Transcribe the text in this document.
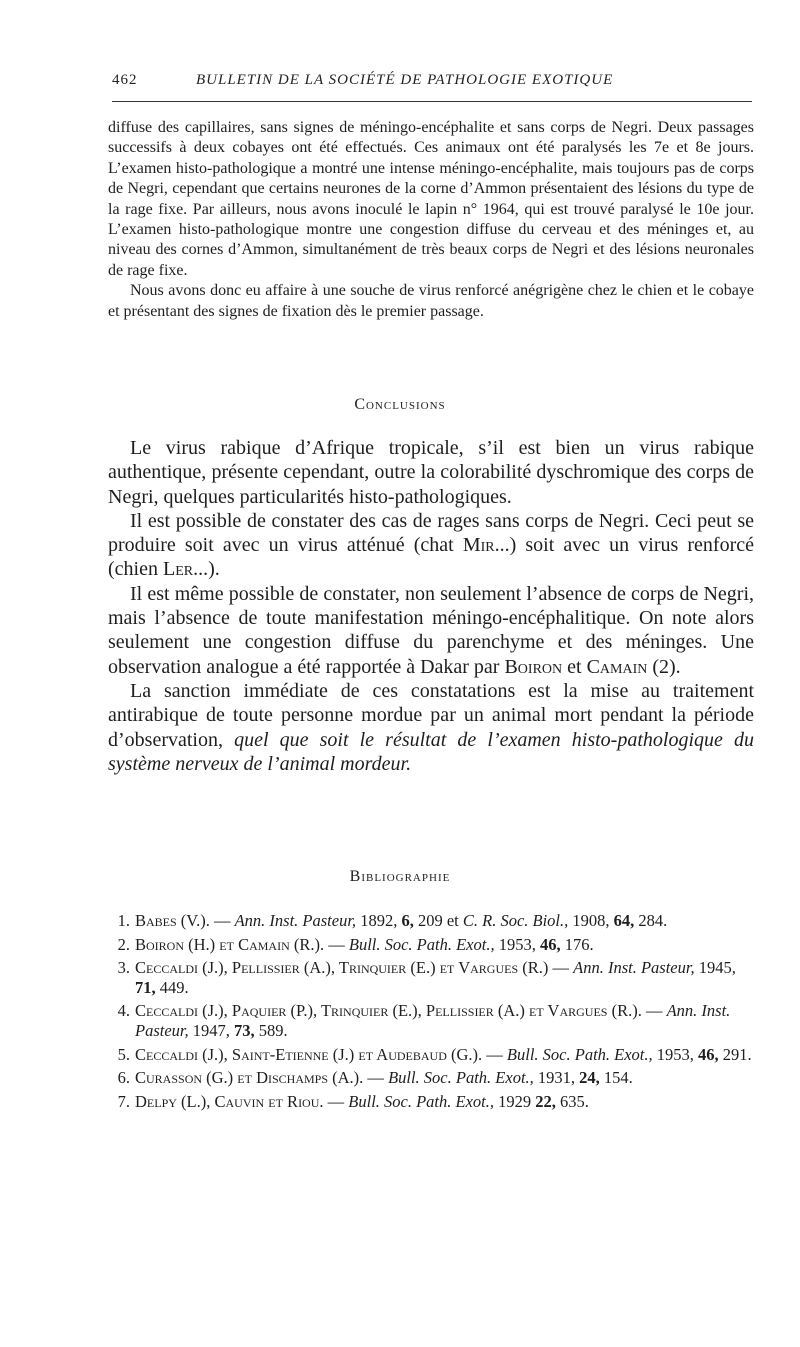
462	BULLETIN DE LA SOCIÉTÉ DE PATHOLOGIE EXOTIQUE

diffuse des capillaires, sans signes de méningo-encéphalite et sans corps de Negri. Deux passages successifs à deux cobayes ont été effectués. Ces animaux ont été paralysés les 7e et 8e jours. L’examen histo-pathologique a montré une intense méningo-encéphalite, mais toujours pas de corps de Negri, cependant que certains neurones de la corne d’Ammon présentaient des lésions du type de la rage fixe. Par ailleurs, nous avons inoculé le lapin n° 1964, qui est trouvé paralysé le 10e jour. L’examen histo-pathologique montre une congestion diffuse du cerveau et des méninges et, au niveau des cornes d’Ammon, simultanément de très beaux corps de Negri et des lésions neuronales de rage fixe.

Nous avons donc eu affaire à une souche de virus renforcé anégrigène chez le chien et le cobaye et présentant des signes de fixation dès le premier passage.

Conclusions

Le virus rabique d’Afrique tropicale, s’il est bien un virus rabique authentique, présente cependant, outre la colorabilité dyschromique des corps de Negri, quelques particularités histo-pathologiques.

Il est possible de constater des cas de rages sans corps de Negri. Ceci peut se produire soit avec un virus atténué (chat Mir...) soit avec un virus renforcé (chien Ler...).

Il est même possible de constater, non seulement l’absence de corps de Negri, mais l’absence de toute manifestation méningo-encéphalitique. On note alors seulement une congestion diffuse du parenchyme et des méninges. Une observation analogue a été rapportée à Dakar par Boiron et Camain (2).

La sanction immédiate de ces constatations est la mise au traitement antirabique de toute personne mordue par un animal mort pendant la période d’observation, quel que soit le résultat de l’examen histo-pathologique du système nerveux de l’animal mordeur.

Bibliographie
1. Babes (V.). — Ann. Inst. Pasteur, 1892, 6, 209 et C. R. Soc. Biol., 1908, 64, 284.
2. Boiron (H.) et Camain (R.). — Bull. Soc. Path. Exot., 1953, 46, 176.
3. Ceccaldi (J.), Pellissier (A.), Trinquier (E.) et Vargues (R.) — Ann. Inst. Pasteur, 1945, 71, 449.
4. Ceccaldi (J.), Paquier (P.), Trinquier (E.), Pellissier (A.) et Vargues (R.). — Ann. Inst. Pasteur, 1947, 73, 589.
5. Ceccaldi (J.), Saint-Etienne (J.) et Audebaud (G.). — Bull. Soc. Path. Exot., 1953, 46, 291.
6. Curasson (G.) et Dischamps (A.). — Bull. Soc. Path. Exot., 1931, 24, 154.
7. Delpy (L.), Cauvin et Riou. — Bull. Soc. Path. Exot., 1929 22, 635.
